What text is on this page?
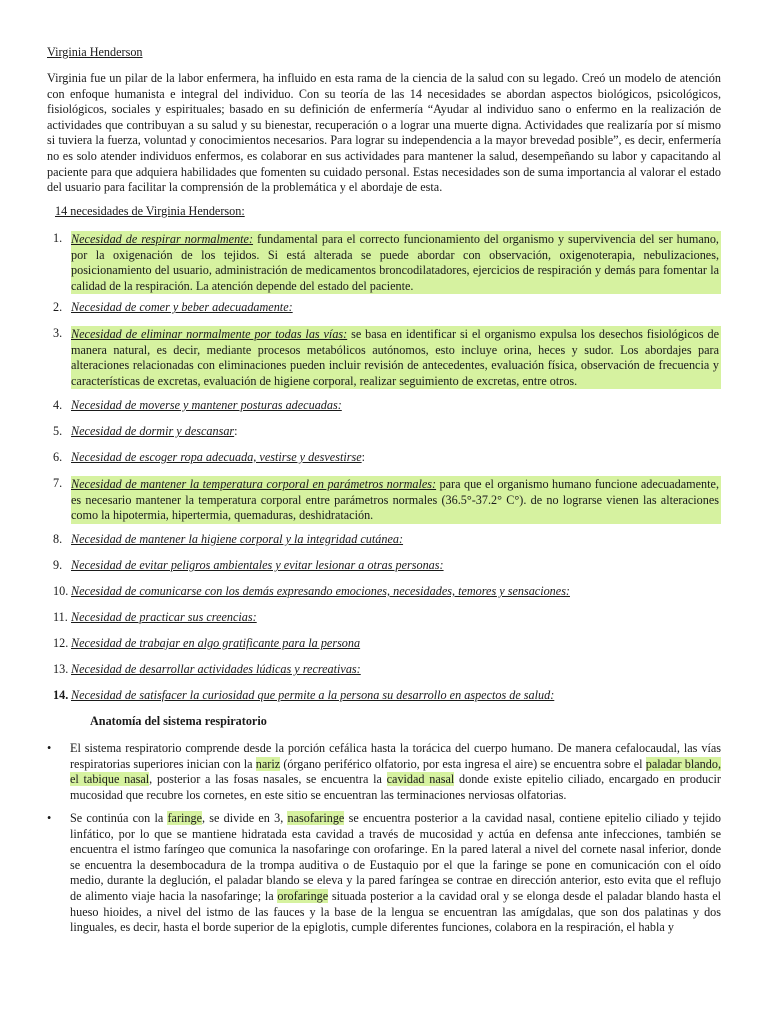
Virginia Henderson

Virginia fue un pilar de la labor enfermera, ha influido en esta rama de la ciencia de la salud con su legado. Creó un modelo de atención con enfoque humanista e integral del individuo. Con su teoría de las 14 necesidades se abordan aspectos biológicos, psicológicos, fisiológicos, sociales y espirituales; basado en su definición de enfermería “Ayudar al individuo sano o enfermo en la realización de actividades que contribuyan a su salud y su bienestar, recuperación o a lograr una muerte digna. Actividades que realizaría por sí mismo si tuviera la fuerza, voluntad y conocimientos necesarios. Para lograr su independencia a la mayor brevedad posible”, es decir, enfermería no es solo atender individuos enfermos, es colaborar en sus actividades para mantener la salud, desempeñando su labor y capacitando al paciente para que adquiera habilidades que fomenten su cuidado personal. Estas necesidades son de suma importancia al valorar el estado del usuario para facilitar la comprensión de la problemática y el abordaje de esta.

14 necesidades de Virginia Henderson:
1. Necesidad de respirar normalmente: fundamental para el correcto funcionamiento del organismo y supervivencia del ser humano, por la oxigenación de los tejidos. Si está alterada se puede abordar con observación, oxigenoterapia, nebulizaciones, posicionamiento del usuario, administración de medicamentos broncodilatadores, ejercicios de respiración y demás para fomentar la calidad de la respiración. La atención depende del estado del paciente.

2. Necesidad de comer y beber adecuadamente:

3. Necesidad de eliminar normalmente por todas las vías: se basa en identificar si el organismo expulsa los desechos fisiológicos de manera natural, es decir, mediante procesos metabólicos autónomos, esto incluye orina, heces y sudor. Los abordajes para alteraciones relacionadas con eliminaciones pueden incluir revisión de antecedentes, evaluación física, observación de frecuencia y características de excretas, evaluación de higiene corporal, realizar seguimiento de excretas, entre otros.

4. Necesidad de moverse y mantener posturas adecuadas:

5. Necesidad de dormir y descansar:

6. Necesidad de escoger ropa adecuada, vestirse y desvestirse:

7. Necesidad de mantener la temperatura corporal en parámetros normales: para que el organismo humano funcione adecuadamente, es necesario mantener la temperatura corporal entre parámetros normales (36.5°-37.2° C°). de no lograrse vienen las alteraciones como la hipotermia, hipertermia, quemaduras, deshidratación.

8. Necesidad de mantener la higiene corporal y la integridad cutánea:

9. Necesidad de evitar peligros ambientales y evitar lesionar a otras personas:

10. Necesidad de comunicarse con los demás expresando emociones, necesidades, temores y sensaciones:

11. Necesidad de practicar sus creencias:

12. Necesidad de trabajar en algo gratificante para la persona

13. Necesidad de desarrollar actividades lúdicas y recreativas:

14. Necesidad de satisfacer la curiosidad que permite a la persona su desarrollo en aspectos de salud:

Anatomía del sistema respiratorio
•	El sistema respiratorio comprende desde la porción cefálica hasta la torácica del cuerpo humano. De manera cefalocaudal, las vías respiratorias superiores inician con la nariz (órgano periférico olfatorio, por esta ingresa el aire) se encuentra sobre el paladar blando, el tabique nasal, posterior a las fosas nasales, se encuentra la cavidad nasal donde existe epitelio ciliado, encargado en producir mucosidad que recubre los cornetes, en este sitio se encuentran las terminaciones nerviosas olfatorias.

•	Se continúa con la faringe, se divide en 3, nasofaringe se encuentra posterior a la cavidad nasal, contiene epitelio ciliado y tejido linfático, por lo que se mantiene hidratada esta cavidad a través de mucosidad y actúa en defensa ante infecciones, también se encuentra el istmo faríngeo que comunica la nasofaringe con orofaringe. En la pared lateral a nivel del cornete nasal inferior, donde se encuentra la desembocadura de la trompa auditiva o de Eustaquio por el que la faringe se pone en comunicación con el oído medio, durante la deglución, el paladar blando se eleva y la pared faríngea se contrae en dirección anterior, esto evita que el reflujo de alimento viaje hacia la nasofaringe; la orofaringe situada posterior a la cavidad oral y se elonga desde el paladar blando hasta el hueso hioides, a nivel del istmo de las fauces y la base de la lengua se encuentran las amígdalas, que son dos palatinas y dos linguales, es decir, hasta el borde superior de la epiglotis, cumple diferentes funciones, colabora en la respiración, el habla y
